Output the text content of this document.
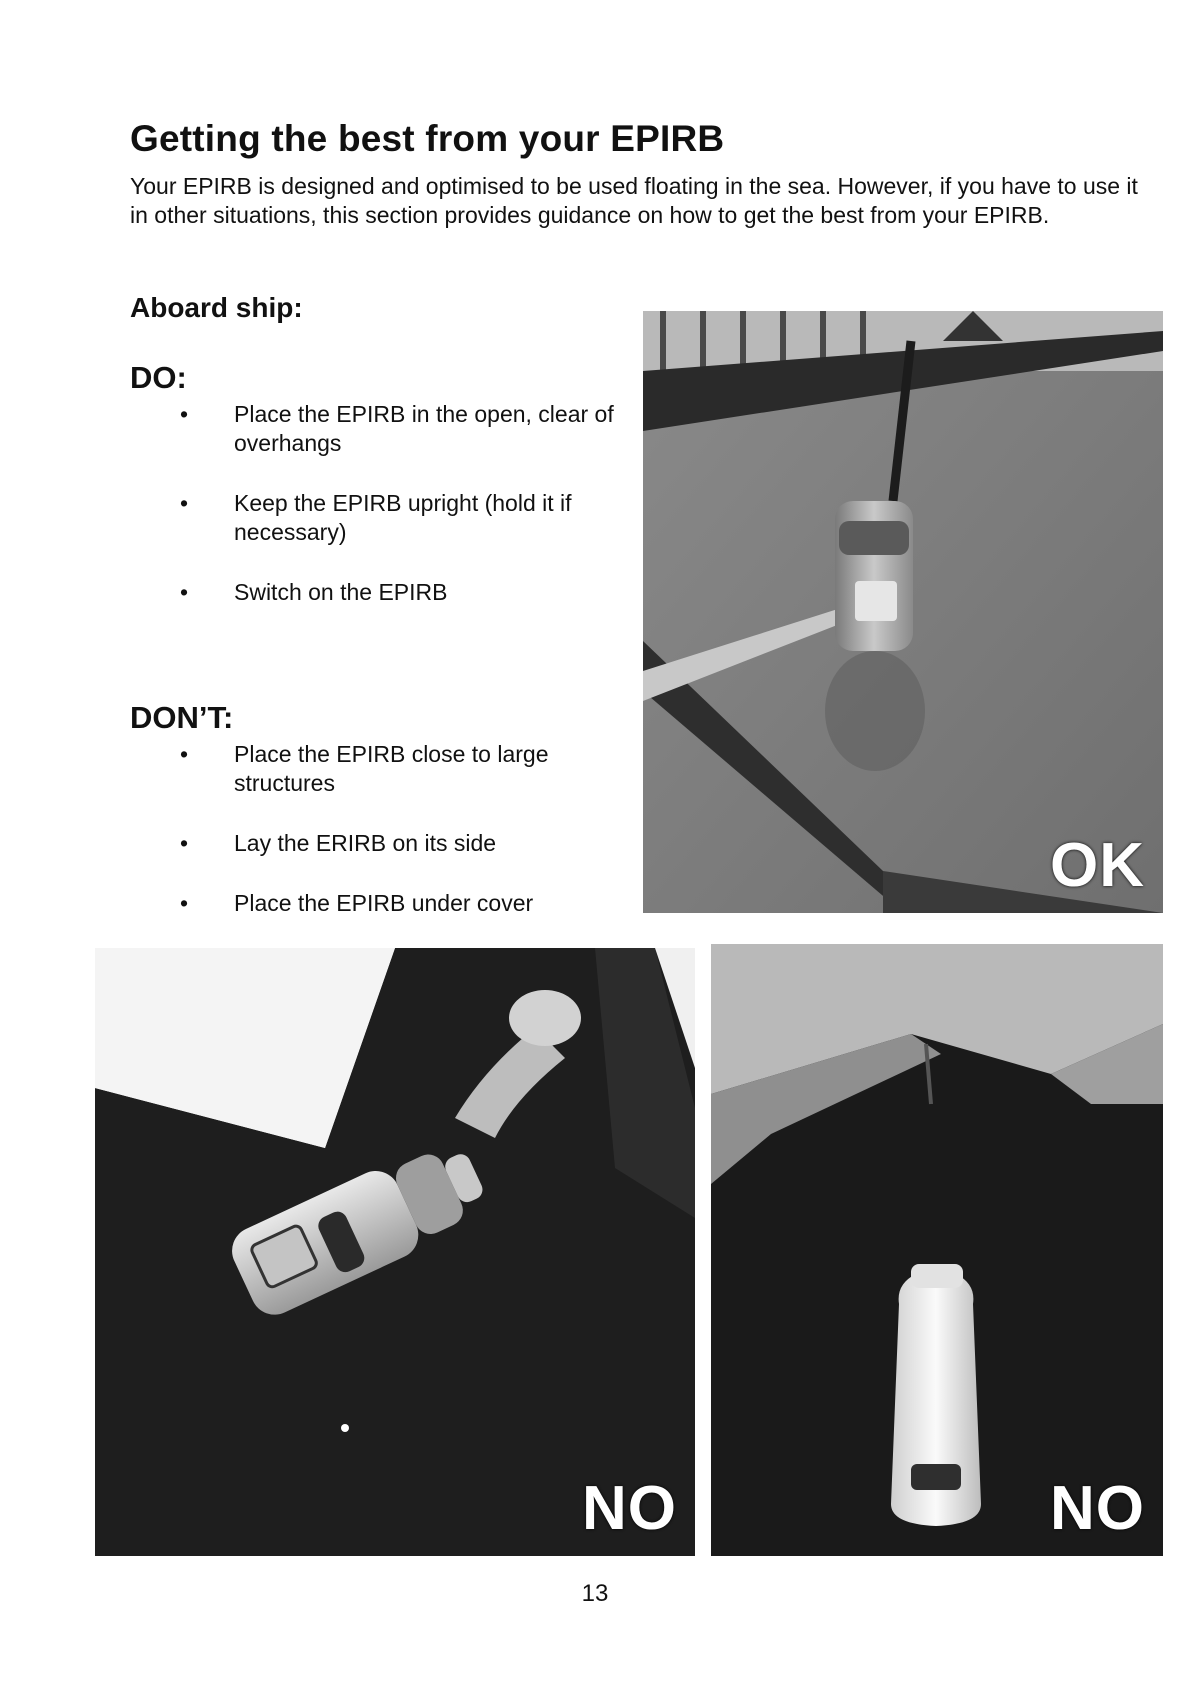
Getting the best from your EPIRB

Your EPIRB is designed and optimised to be used floating in the sea. However, if you have to use it in other situations, this section provides guidance on how to get the best from your EPIRB.

Aboard ship:
DO:
• Place the EPIRB in the open, clear of overhangs
• Keep the EPIRB upright (hold it if necessary)
• Switch on the EPIRB
DON’T:
• Place the EPIRB close to large structures
• Lay the ERIRB on its side
• Place the EPIRB under cover
OK
NO	NO

13
